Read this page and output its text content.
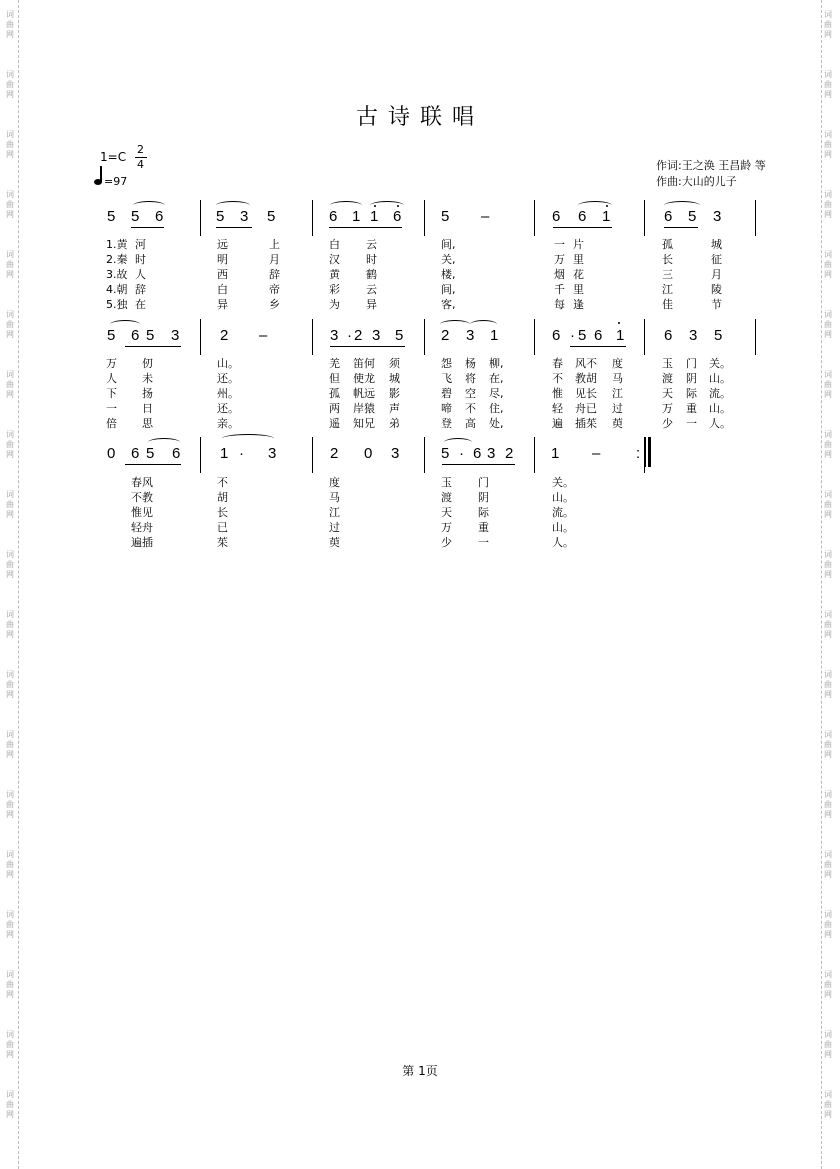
古诗联唱
1=C
2
4
=97
作词:王之涣 王昌龄 等
作曲:大山的儿子
词
曲
网
词
曲
网
词
曲
网
词
曲
网
词
曲
网
词
曲
网
词
曲
网
词
曲
网
词
曲
网
词
曲
网
词
曲
网
词
曲
网
词
曲
网
词
曲
网
词
曲
网
词
曲
网
词
曲
网
词
曲
网
词
曲
网
词
曲
网
词
曲
网
词
曲
网
词
曲
网
词
曲
网
词
曲
网
词
曲
网
词
曲
网
词
曲
网
词
曲
网
词
曲
网
词
曲
网
词
曲
网
词
曲
网
词
曲
网
词
曲
网
词
曲
网
词
曲
网
词
曲
网
5 5 6	5 3 5	6 1 1 6	5 –	6 6 1	6 5 3
5 6 5 3	2 –	3 · 2 3 5	2 3 1	6 · 5 6 1	6 3 5
0 6 5 6	1 · 3	2 0 3	5 · 6 3 2	1 – :
1.黄 河	远	上	白 云	间,	一 片	孤	城
2.秦 时	明	月	汉 时	关,	万 里	长	征
3.故 人	西	辞	黄 鹤	楼,	烟 花	三	月
4.朝 辞	白	帝	彩 云	间,	千 里	江	陵
5.独 在	异	乡	为 异	客,	每 逢	佳	节
万 仞	山。	羌 笛何 须	怨 杨 柳,	春 风不 度	玉 门 关。
人 未	还。	但 使龙 城	飞 将 在,	不 教胡 马	渡 阴 山。
下 扬	州。	孤 帆远 影	碧 空 尽,	惟 见长 江	天 际 流。
一 日	还。	两 岸猿 声	啼 不 住,	轻 舟已 过	万 重 山。
倍 思	亲。	遥 知兄 弟	登 高 处,	遍 插茱 萸	少 一 人。
春风	不	度	玉 门	关。
不教	胡	马	渡 阴	山。
惟见	长	江	天 际	流。
轻舟	已	过	万 重	山。
遍插	茱	萸	少 一	人。
第 1页
